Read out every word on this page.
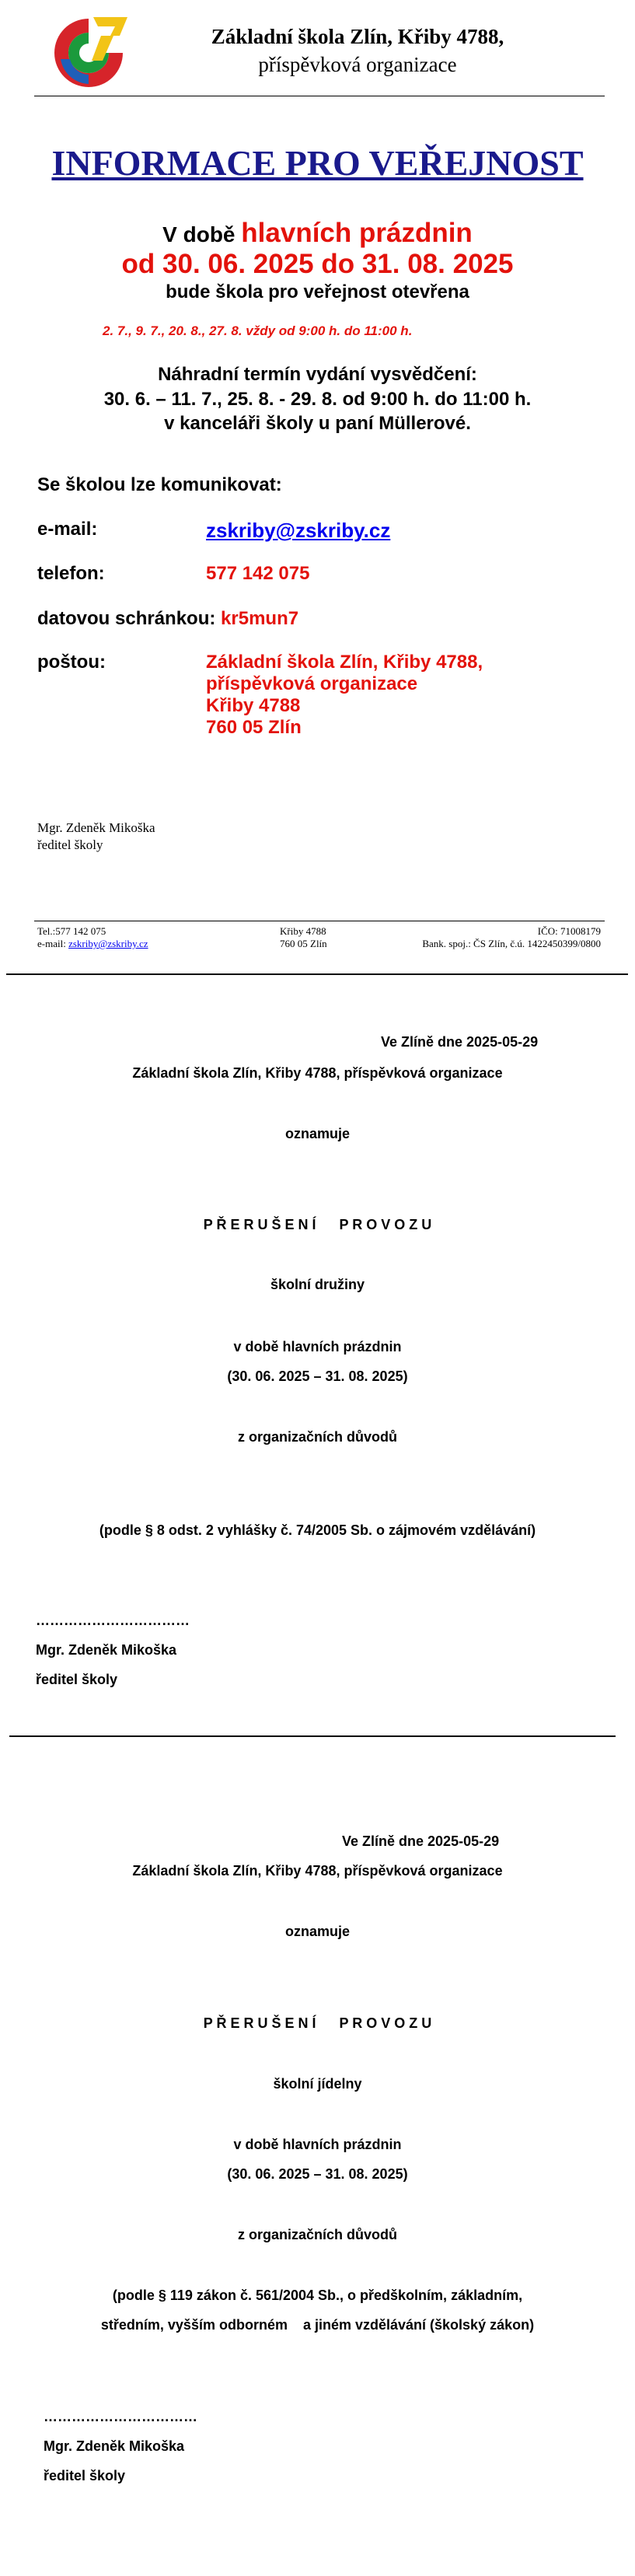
Základní škola Zlín, Křiby 4788,
příspěvková organizace
INFORMACE PRO VEŘEJNOST
V době hlavních prázdnin
od 30. 06. 2025 do 31. 08. 2025
bude škola pro veřejnost otevřena
2. 7., 9. 7., 20. 8., 27. 8. vždy od 9:00 h. do 11:00 h.
Náhradní termín vydání vysvědčení:
30. 6. – 11. 7., 25. 8. - 29. 8. od 9:00 h. do 11:00 h.
v kanceláři školy u paní Müllerové.
Se školou lze komunikovat:
e-mail:	zskriby@zskriby.cz
telefon:	577 142 075
datovou schránkou: kr5mun7
poštou:	Základní škola Zlín, Křiby 4788,
příspěvková organizace
Křiby 4788
760 05 Zlín
Mgr. Zdeněk Mikoška
ředitel školy
Tel.:577 142 075
e-mail: zskriby@zskriby.cz
Křiby 4788
760 05 Zlín
IČO: 71008179
Bank. spoj.: ČS Zlín, č.ú. 1422450399/0800
Ve Zlíně dne 2025-05-29
Základní škola Zlín, Křiby 4788, příspěvková organizace
oznamuje
P Ř E R U Š E N Í      P R O V O Z U
školní družiny
v době hlavních prázdnin
(30. 06. 2025 – 31. 08. 2025)
z organizačních důvodů
(podle § 8 odst. 2 vyhlášky č. 74/2005 Sb. o zájmovém vzdělávání)
……………………………
Mgr. Zdeněk Mikoška
ředitel školy
Ve Zlíně dne 2025-05-29
Základní škola Zlín, Křiby 4788, příspěvková organizace
oznamuje
P Ř E R U Š E N Í      P R O V O Z U
školní jídelny
v době hlavních prázdnin
(30. 06. 2025 – 31. 08. 2025)
z organizačních důvodů
(podle § 119 zákon č. 561/2004 Sb., o předškolním, základním,
středním, vyšším odborném    a jiném vzdělávání (školský zákon)
……………………………
Mgr. Zdeněk Mikoška
ředitel školy
